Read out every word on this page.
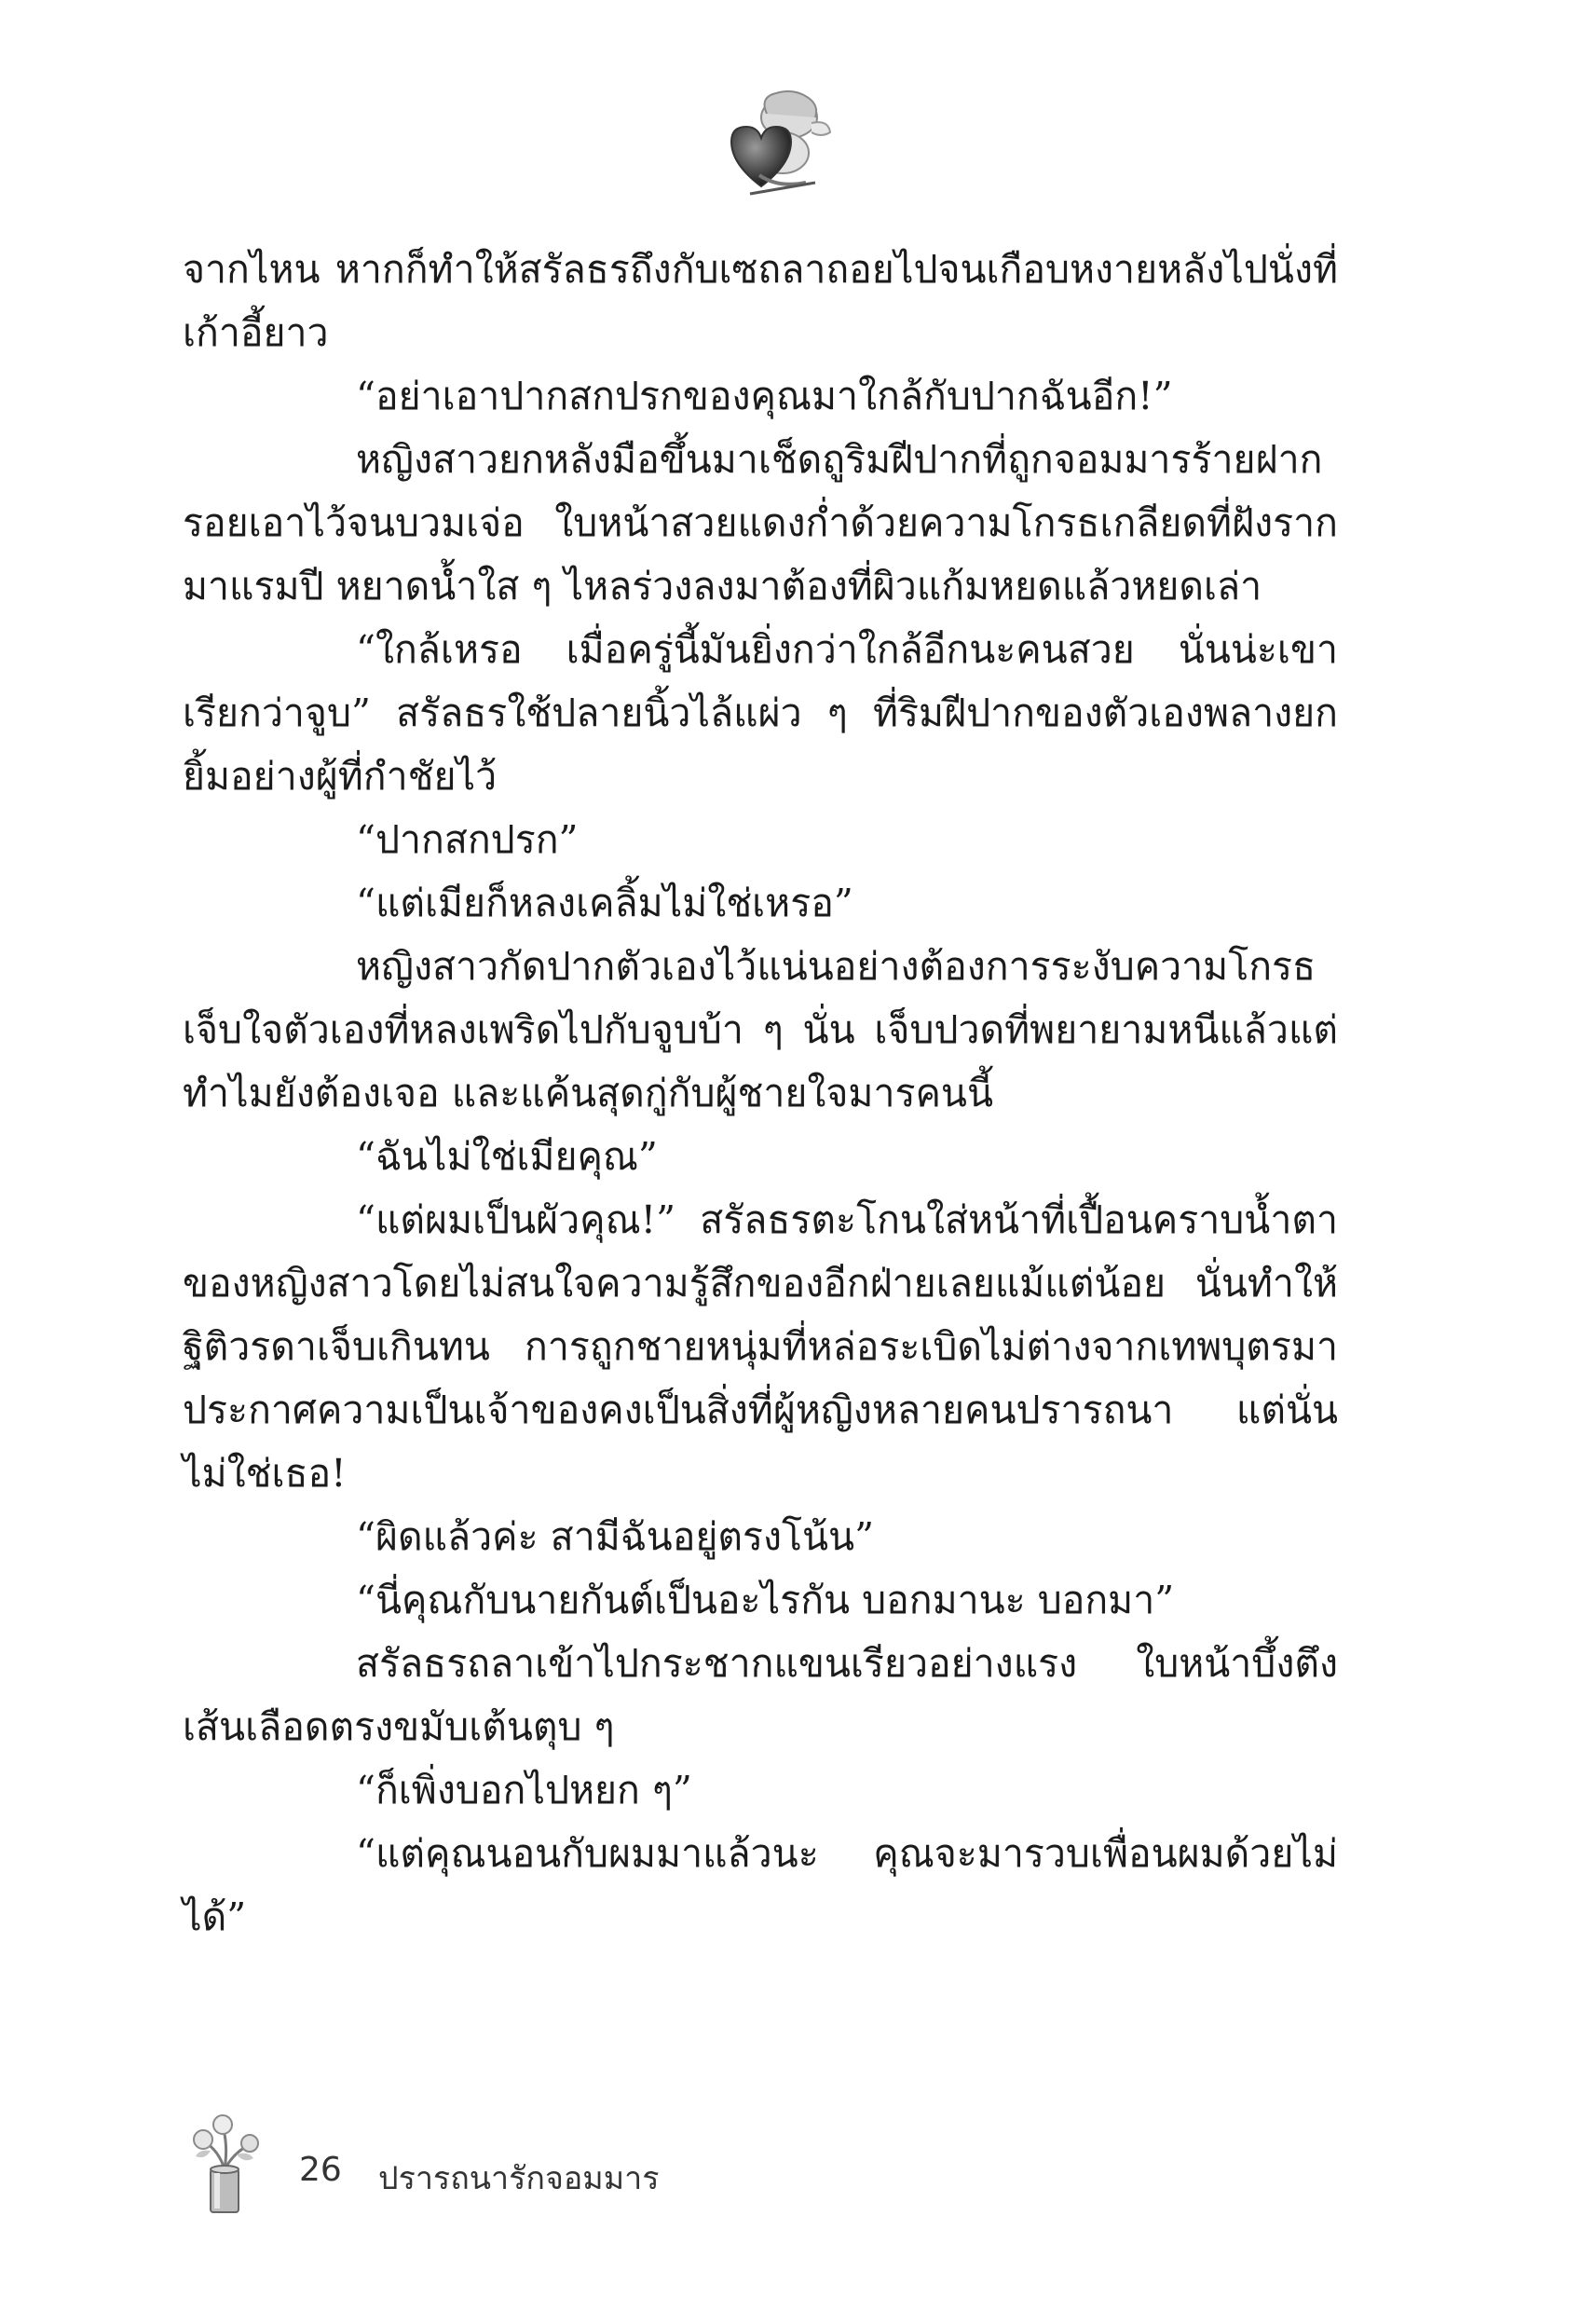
จากไหน หากก็ทำให้สรัลธรถึงกับเซถลาถอยไปจนเกือบหงายหลังไปนั่งที่เก้าอี้ยาว

“อย่าเอาปากสกปรกของคุณมาใกล้กับปากฉันอีก!”

หญิงสาวยกหลังมือขึ้นมาเช็ดถูริมฝีปากที่ถูกจอมมารร้ายฝากรอยเอาไว้จนบวมเจ่อ ใบหน้าสวยแดงก่ำด้วยความโกรธเกลียดที่ฝังรากมาแรมปี หยาดน้ำใส ๆ ไหลร่วงลงมาต้องที่ผิวแก้มหยดแล้วหยดเล่า

“ใกล้เหรอ เมื่อครู่นี้มันยิ่งกว่าใกล้อีกนะคนสวย นั่นน่ะเขาเรียกว่าจูบ” สรัลธรใช้ปลายนิ้วไล้แผ่ว ๆ ที่ริมฝีปากของตัวเองพลางยกยิ้มอย่างผู้ที่กำชัยไว้

“ปากสกปรก”

“แต่เมียก็หลงเคลิ้มไม่ใช่เหรอ”

หญิงสาวกัดปากตัวเองไว้แน่นอย่างต้องการระงับความโกรธเจ็บใจตัวเองที่หลงเพริดไปกับจูบบ้า ๆ นั่น เจ็บปวดที่พยายามหนีแล้วแต่ทำไมยังต้องเจอ และแค้นสุดกู่กับผู้ชายใจมารคนนี้

“ฉันไม่ใช่เมียคุณ”

“แต่ผมเป็นผัวคุณ!” สรัลธรตะโกนใส่หน้าที่เปื้อนคราบน้ำตาของหญิงสาวโดยไม่สนใจความรู้สึกของอีกฝ่ายเลยแม้แต่น้อย นั่นทำให้ฐิติวรดาเจ็บเกินทน การถูกชายหนุ่มที่หล่อระเบิดไม่ต่างจากเทพบุตรมาประกาศความเป็นเจ้าของคงเป็นสิ่งที่ผู้หญิงหลายคนปรารถนา แต่นั่นไม่ใช่เธอ!

“ผิดแล้วค่ะ สามีฉันอยู่ตรงโน้น”

“นี่คุณกับนายกันต์เป็นอะไรกัน บอกมานะ บอกมา”

สรัลธรถลาเข้าไปกระชากแขนเรียวอย่างแรง ใบหน้าบึ้งตึงเส้นเลือดตรงขมับเต้นตุบ ๆ

“ก็เพิ่งบอกไปหยก ๆ”

“แต่คุณนอนกับผมมาแล้วนะ คุณจะมารวบเพื่อนผมด้วยไม่ได้”

26 ปรารถนารักจอมมาร
